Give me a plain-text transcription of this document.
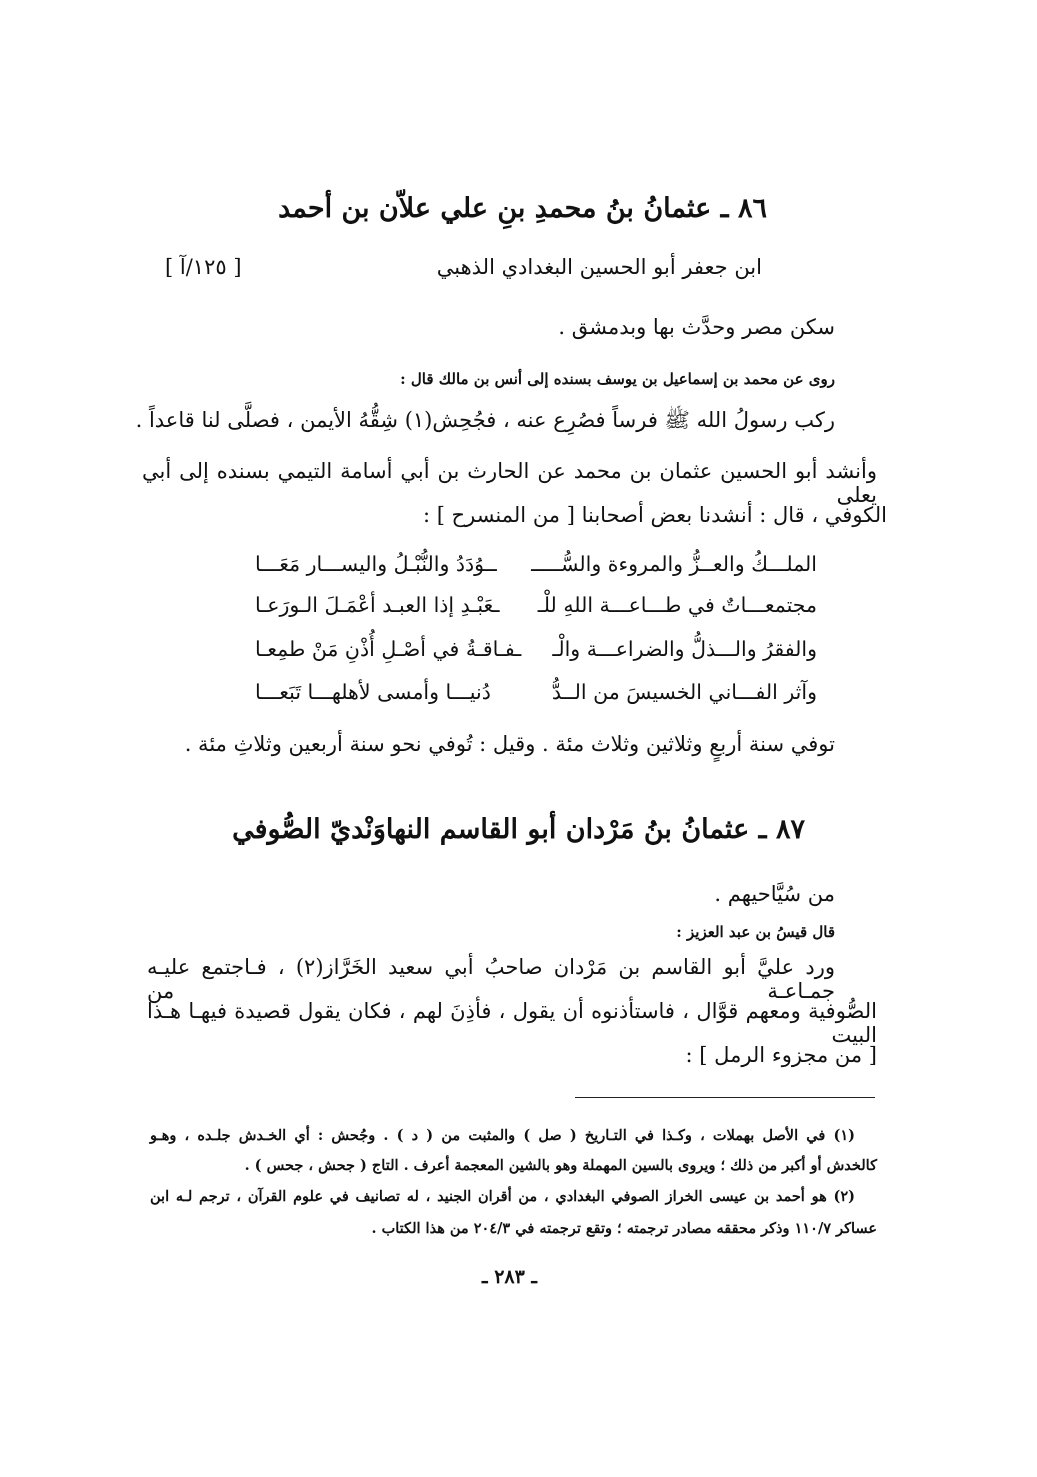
٨٦ ـ عثمانُ بنُ محمدِ بنِ علي علاّن بن أحمد
ابن جعفر أبو الحسين البغدادي الذهبي
[ ١٢٥/آ ]
سكن مصر وحدَّث بها وبدمشق .
روى عن محمد بن إسماعيل بن يوسف بسنده إلى أنس بن مالك قال :
ركب رسولُ الله ﷺ فرساً فصُرِع عنه ، فجُحِش(١) شِقُّهُ الأيمن ، فصلَّى لنا قاعداً .
وأنشد أبو الحسين عثمان بن محمد عن الحارث بن أبي أسامة التيمي بسنده إلى أبي يعلى
الكوفي ، قال : أنشدنا بعض أصحابنا [ من المنسرح ] :
الملـــكُ والعــزُّ والمروءة والسُّـــــ
ــوُدَدُ والنُّبْـلُ واليســـار مَعَـــا
مجتمعـــاتٌ في طـــاعـــة اللهِ للْـ
ـعَبْـدِ إذا العبـد أعْمَـلَ الـورَعـا
والفقرُ والـــذلُّ والضراعـــة والْـ
ـفـاقـةُ في أصْـلِ أُذْنِ مَنْ طمِعـا
وآثر الفـــاني الخسيسَ من الــدُّ
دُنيـــا وأمسى لأهلهـــا تَبَعـــا
توفي سنة أربعٍ وثلاثين وثلاث مئة . وقيل : تُوفي نحو سنة أربعين وثلاثِ مئة .
٨٧ ـ عثمانُ بنُ مَرْدان أبو القاسم النهاوَنْديّ الصُّوفي
من سُيَّاحيهم .
قال قيسُ بن عبد العزيز :
ورد عليَّ أبو القاسم بن مَرْدان صاحبُ أبي سعيد الخَرَّاز(٢) ، فـاجتمع عليـه جمـاعـة من
الصُّوفية ومعهم قوَّال ، فاستأذنوه أن يقول ، فأذِنَ لهم ، فكان يقول قصيدة فيهـا هـذا البيت
[ من مجزوء الرمل ] :
(١) في الأصل بهملات ، وكـذا في التـاريخ ( صل ) والمثبت من ( د ) . وجُحش : أي الخـدش جلـده ، وهـو
كالخدش أو أكبر من ذلك ؛ ويروى بالسين المهملة وهو بالشين المعجمة أعرف . التاج ( جحش ، جحس ) .
(٢) هو أحمد بن عيسى الخراز الصوفي البغدادي ، من أقران الجنيد ، له تصانيف في علوم القرآن ، ترجم لـه ابن
عساكر ١١٠/٧ وذكر محققه مصادر ترجمته ؛ وتقع ترجمته في ٢٠٤/٣ من هذا الكتاب .
ـ ٢٨٣ ـ
